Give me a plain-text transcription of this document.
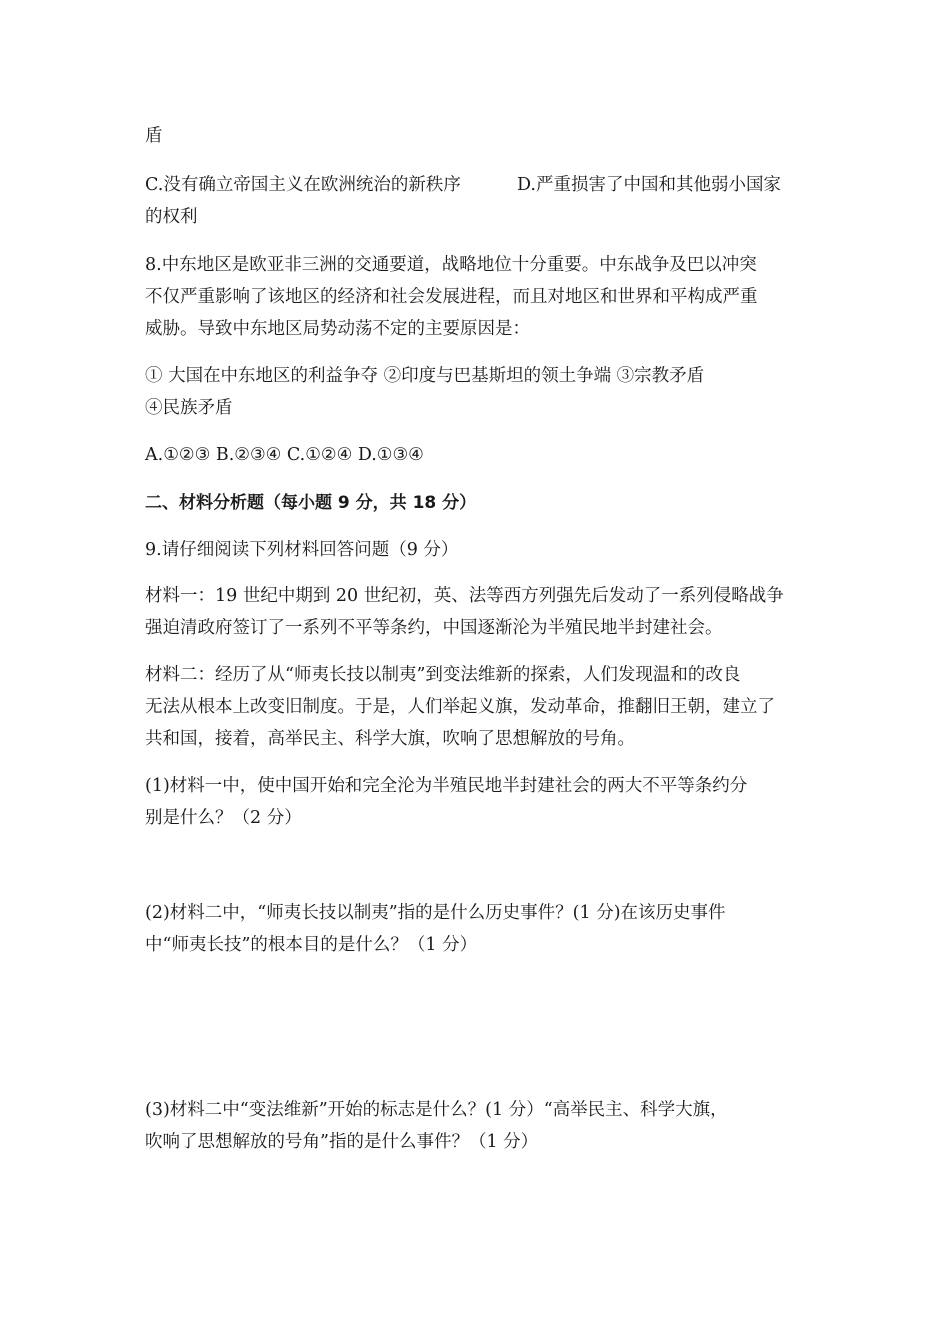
盾
C.没有确立帝国主义在欧洲统治的新秩序	D.严重损害了中国和其他弱小国家
的权利
8.中东地区是欧亚非三洲的交通要道，战略地位十分重要。中东战争及巴以冲突
不仅严重影响了该地区的经济和社会发展进程，而且对地区和世界和平构成严重
威胁。导致中东地区局势动荡不定的主要原因是：
① 大国在中东地区的利益争夺 ②印度与巴基斯坦的领土争端 ③宗教矛盾
④民族矛盾
A.①②③ B.②③④ C.①②④ D.①③④
二、材料分析题（每小题 9 分，共 18 分）
9.请仔细阅读下列材料回答问题（9 分）
材料一：19 世纪中期到 20 世纪初，英、法等西方列强先后发动了一系列侵略战争
强迫清政府签订了一系列不平等条约，中国逐渐沦为半殖民地半封建社会。
材料二：经历了从“师夷长技以制夷”到变法维新的探索，人们发现温和的改良
无法从根本上改变旧制度。于是，人们举起义旗，发动革命，推翻旧王朝，建立了
共和国，接着，高举民主、科学大旗，吹响了思想解放的号角。
(1)材料一中，使中国开始和完全沦为半殖民地半封建社会的两大不平等条约分
别是什么？（2 分）
(2)材料二中，“师夷长技以制夷”指的是什么历史事件？(1 分)在该历史事件
中“师夷长技”的根本目的是什么？（1 分）
(3)材料二中“变法维新”开始的标志是什么？(1 分）“高举民主、科学大旗，
吹响了思想解放的号角”指的是什么事件？（1 分）
